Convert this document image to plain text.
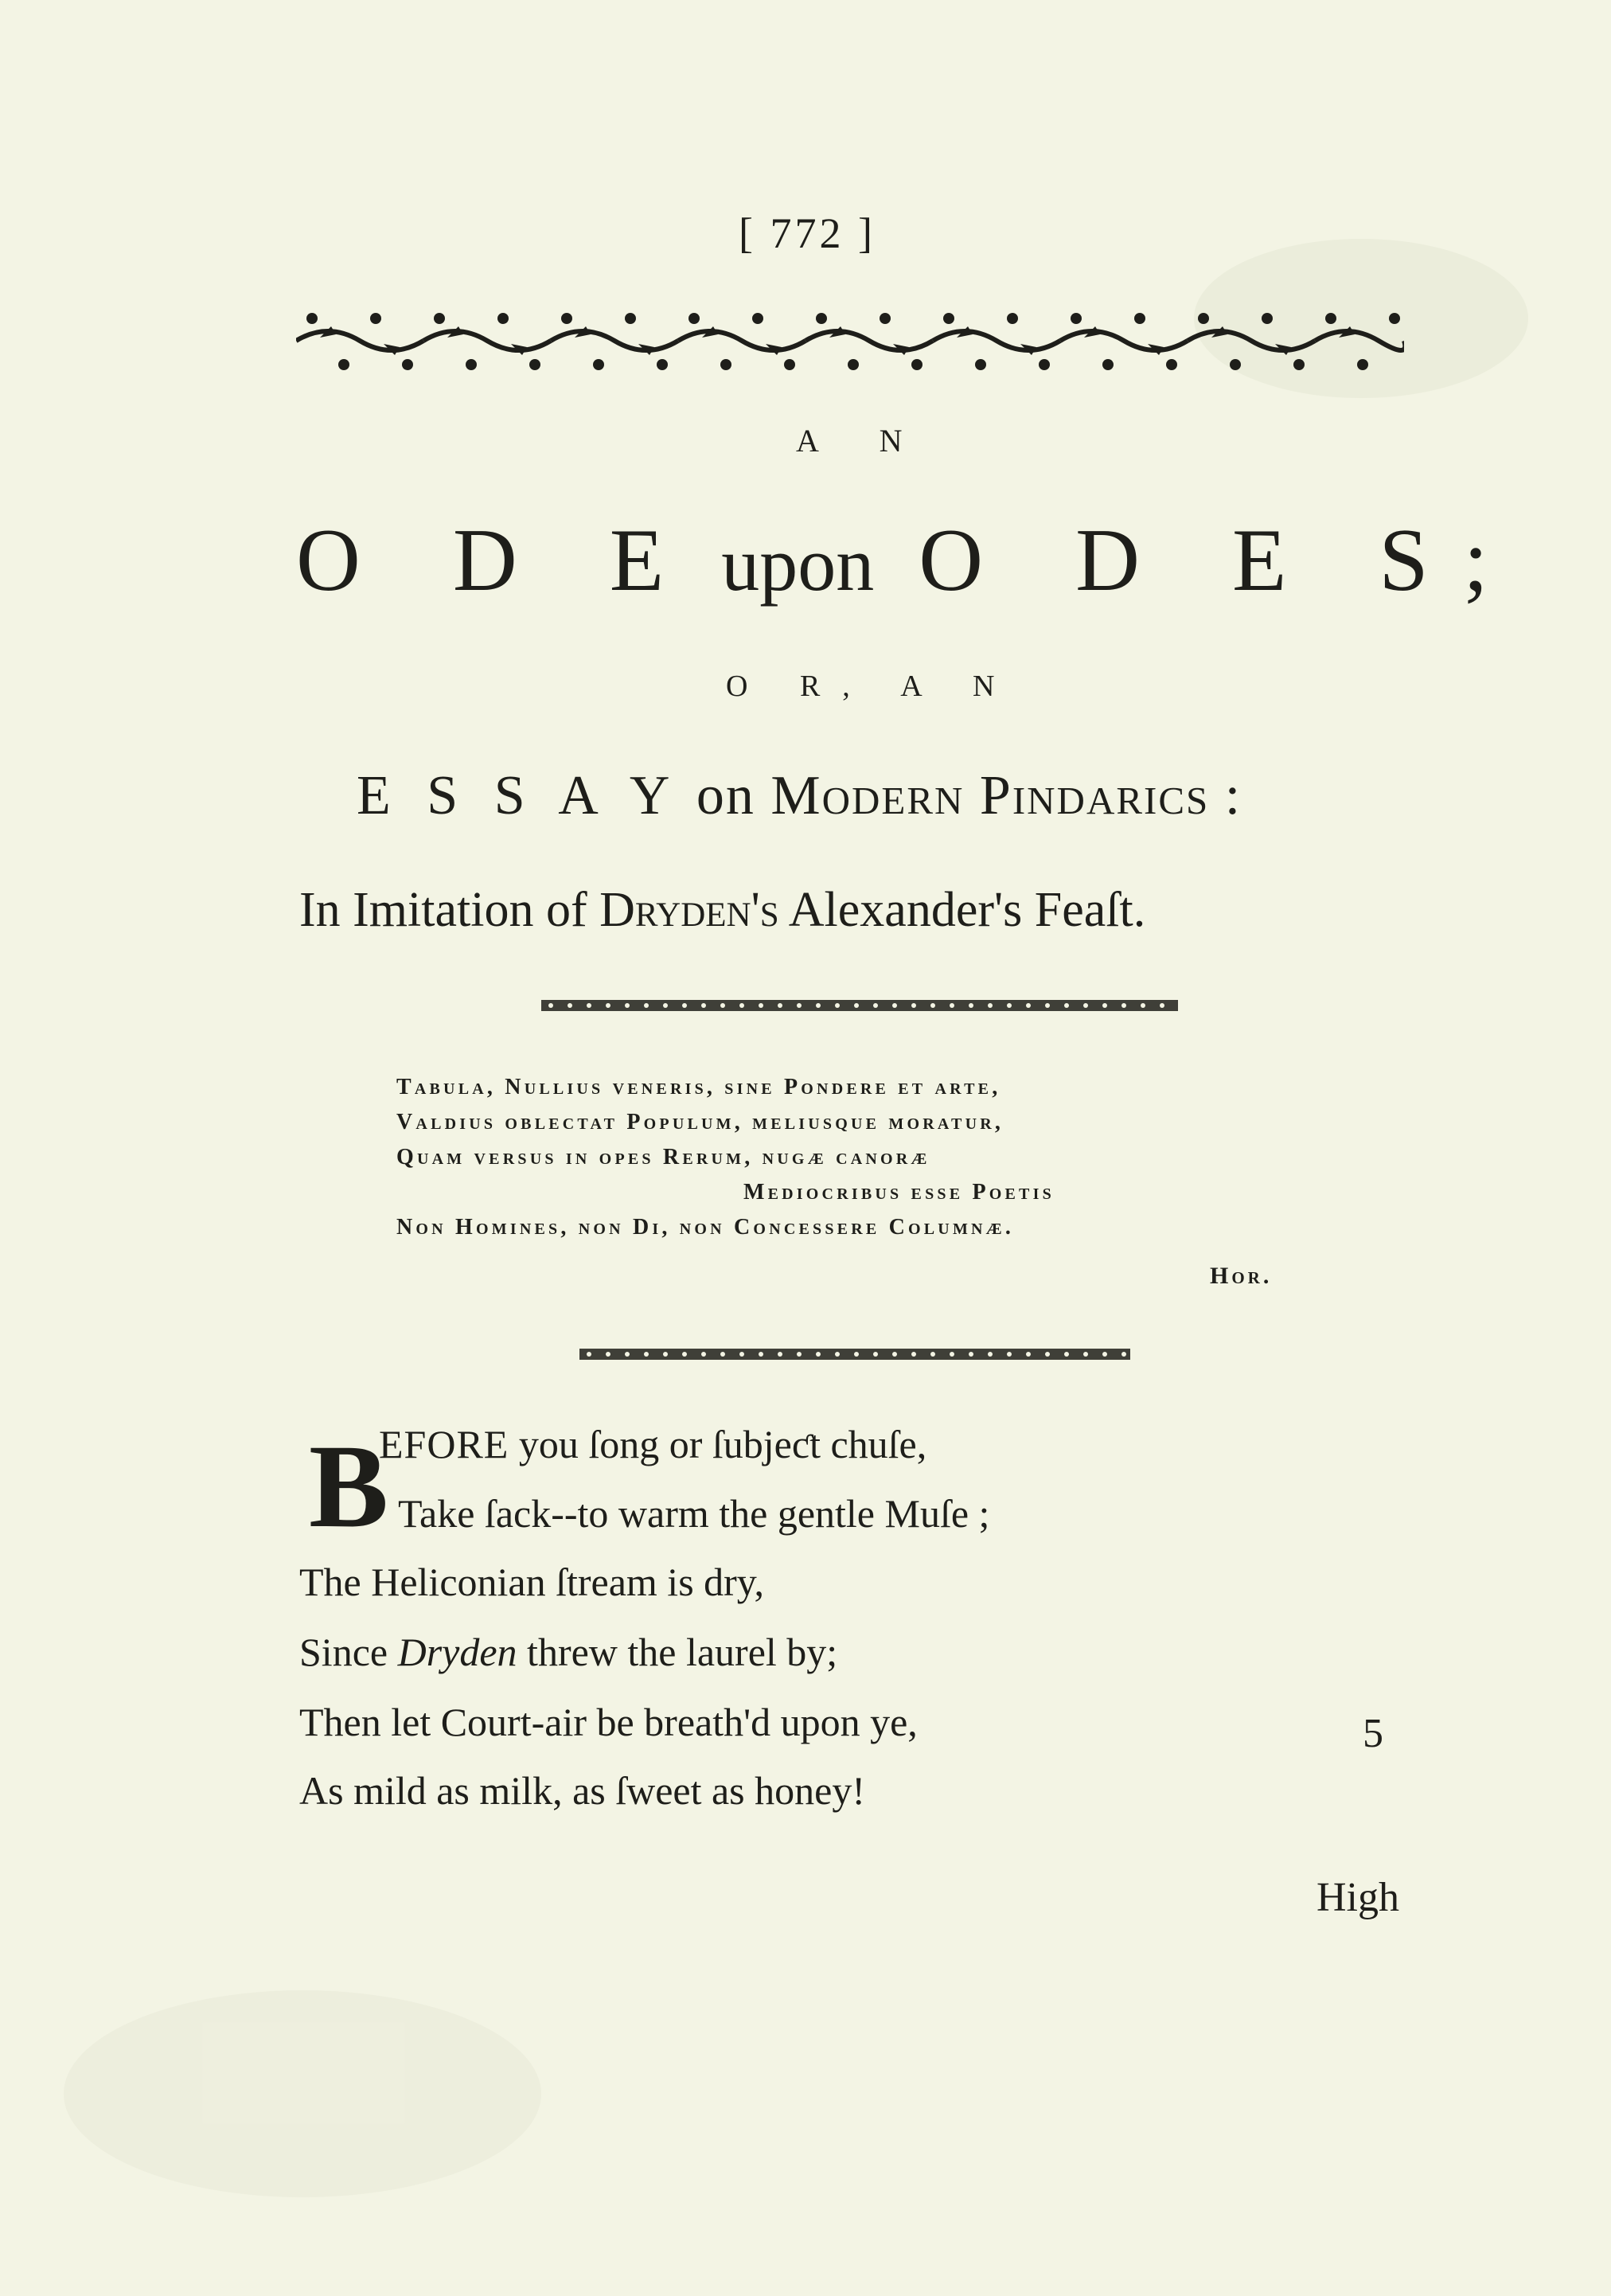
[ 772 ]
A N
O D E upon O D E S;
O R, A N
E S S A Y on Modern Pindarics :
In Imitation of Dryden's Alexander's Feaſt.
Tabula, Nullius veneris, sine Pondere et arte,
Valdius oblectat Populum, meliusque moratur,
Quam versus in opes Rerum, nugæ canoræ
Mediocribus esse Poetis
Non Homines, non Di, non Concessere Columnæ.
Hor.
B
EFORE you ſong or ſubjeƈt chuſe,
Take ſack--to warm the gentle Muſe ;
The Heliconian ſtream is dry,
Since Dryden threw the laurel by;
Then let Court-air be breath'd upon ye,
As mild as milk, as ſweet as honey!
5
High
